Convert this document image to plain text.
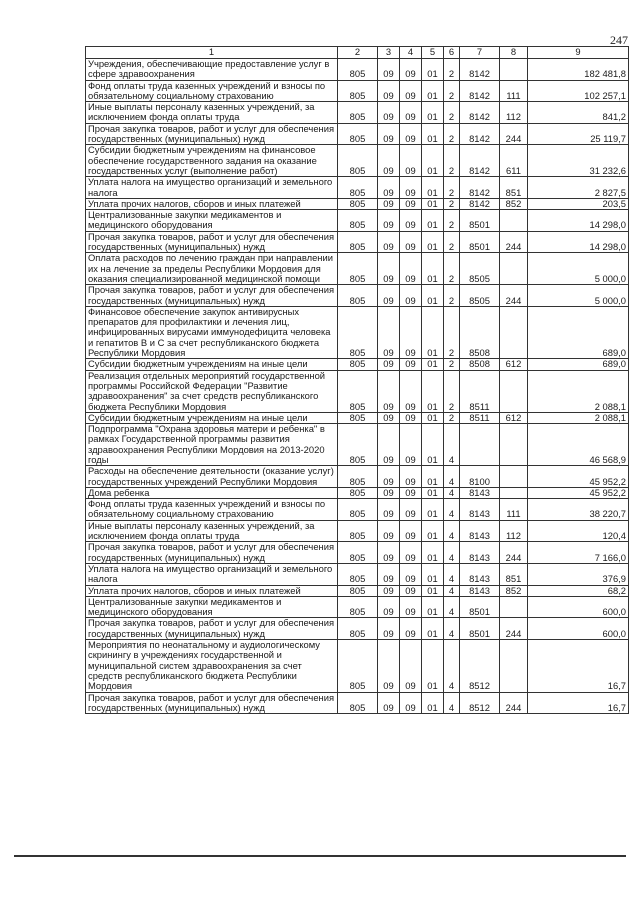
247
1	2	3	4	5	6	7	8	9
Учреждения, обеспечивающие предоставление услуг в сфере здравоохранения	805	09	09	01	2	8142		182 481,8
Фонд оплаты труда казенных учреждений и взносы по обязательному социальному страхованию	805	09	09	01	2	8142	111	102 257,1
Иные выплаты персоналу казенных учреждений, за исключением фонда оплаты труда	805	09	09	01	2	8142	112	841,2
Прочая закупка товаров, работ и услуг для обеспечения государственных (муниципальных) нужд	805	09	09	01	2	8142	244	25 119,7
Субсидии бюджетным учреждениям на финансовое обеспечение государственного задания на оказание государственных услуг (выполнение работ)	805	09	09	01	2	8142	611	31 232,6
Уплата налога на имущество организаций и земельного налога	805	09	09	01	2	8142	851	2 827,5
Уплата прочих налогов, сборов и иных платежей	805	09	09	01	2	8142	852	203,5
Централизованные закупки медикаментов и медицинского оборудования	805	09	09	01	2	8501		14 298,0
Прочая закупка товаров, работ и услуг для обеспечения государственных (муниципальных) нужд	805	09	09	01	2	8501	244	14 298,0
Оплата расходов по лечению граждан при направлении их на лечение за пределы Республики Мордовия для оказания специализированной медицинской помощи	805	09	09	01	2	8505		5 000,0
Прочая закупка товаров, работ и услуг для обеспечения государственных (муниципальных) нужд	805	09	09	01	2	8505	244	5 000,0
Финансовое обеспечение закупок антивирусных препаратов для профилактики и лечения лиц, инфицированных вирусами иммунодефицита человека и гепатитов В и С за счет республиканского бюджета Республики Мордовия	805	09	09	01	2	8508		689,0
Субсидии бюджетным учреждениям на иные цели	805	09	09	01	2	8508	612	689,0
Реализация отдельных мероприятий государственной программы Российской Федерации "Развитие здравоохранения" за счет средств республиканского бюджета Республики Мордовия	805	09	09	01	2	8511		2 088,1
Субсидии бюджетным учреждениям на иные цели	805	09	09	01	2	8511	612	2 088,1
Подпрограмма "Охрана здоровья матери и ребенка" в рамках Государственной программы развития здравоохранения Республики Мордовия на 2013-2020 годы	805	09	09	01	4			46 568,9
Расходы на обеспечение деятельности (оказание услуг) государственных учреждений Республики Мордовия	805	09	09	01	4	8100		45 952,2
Дома ребенка	805	09	09	01	4	8143		45 952,2
Фонд оплаты труда казенных учреждений и взносы по обязательному социальному страхованию	805	09	09	01	4	8143	111	38 220,7
Иные выплаты персоналу казенных учреждений, за исключением фонда оплаты труда	805	09	09	01	4	8143	112	120,4
Прочая закупка товаров, работ и услуг для обеспечения государственных (муниципальных) нужд	805	09	09	01	4	8143	244	7 166,0
Уплата налога на имущество организаций и земельного налога	805	09	09	01	4	8143	851	376,9
Уплата прочих налогов, сборов и иных платежей	805	09	09	01	4	8143	852	68,2
Централизованные закупки медикаментов и медицинского оборудования	805	09	09	01	4	8501		600,0
Прочая закупка товаров, работ и услуг для обеспечения государственных (муниципальных) нужд	805	09	09	01	4	8501	244	600,0
Мероприятия по неонатальному и аудиологическому скринингу в учреждениях государственной и муниципальной систем здравоохранения за счет средств республиканского бюджета Республики Мордовия	805	09	09	01	4	8512		16,7
Прочая закупка товаров, работ и услуг для обеспечения государственных (муниципальных) нужд	805	09	09	01	4	8512	244	16,7
